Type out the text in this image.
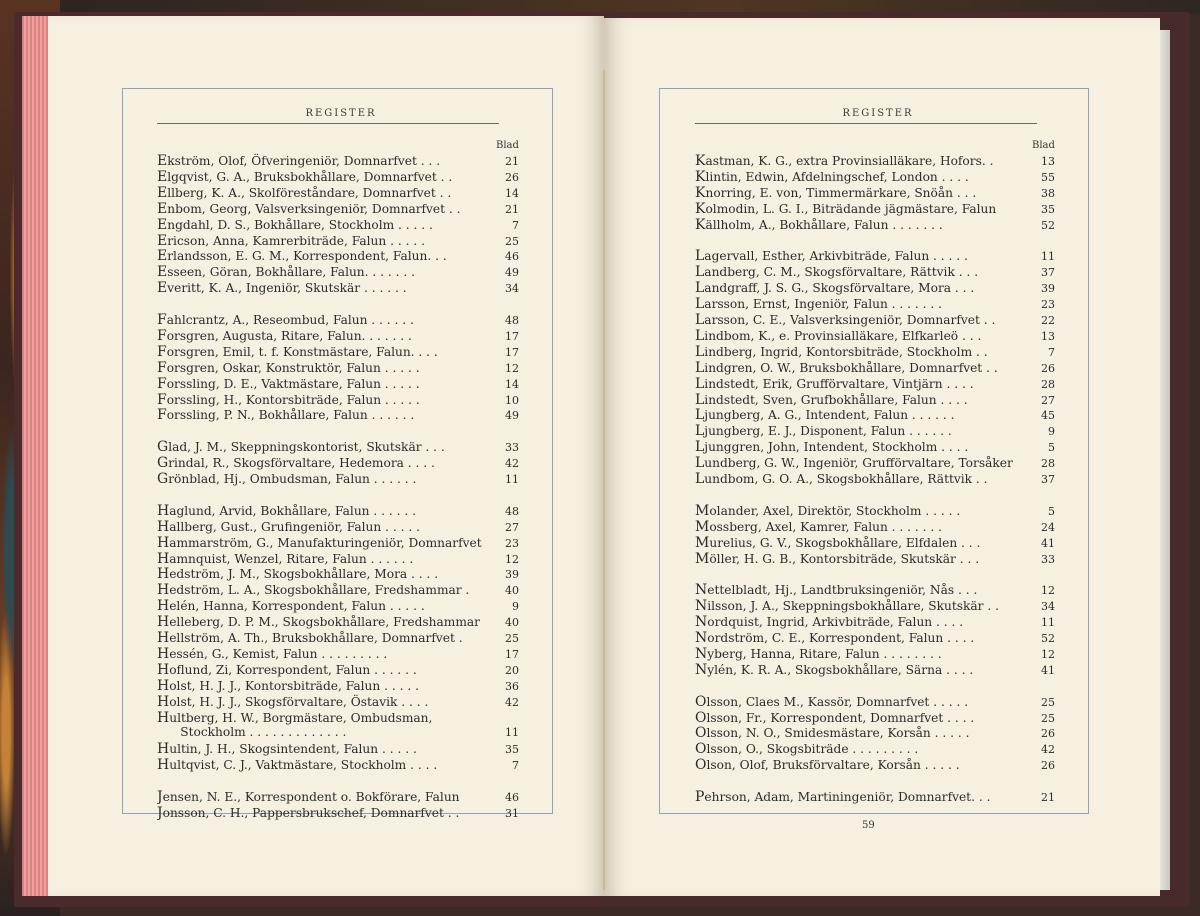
REGISTER
Blad
REGISTER
Blad
Ekström, Olof, Öfveringeniör, Domnarfvet . . .	21
Elgqvist, G. A., Bruksbokhållare, Domnarfvet . .	26
Ellberg, K. A., Skolföreståndare, Domnarfvet . .	14
Enbom, Georg, Valsverksingeniör, Domnarfvet . .	21
Engdahl, D. S., Bokhållare, Stockholm . . . . .	7
Ericson, Anna, Kamrerbiträde, Falun . . . . .	25
Erlandsson, E. G. M., Korrespondent, Falun. . .	46
Esseen, Göran, Bokhållare, Falun. . . . . . .	49
Everitt, K. A., Ingeniör, Skutskär . . . . . .	34
Fahlcrantz, A., Reseombud, Falun . . . . . .	48
Forsgren, Augusta, Ritare, Falun. . . . . . .	17
Forsgren, Emil, t. f. Konstmästare, Falun. . . .	17
Forsgren, Oskar, Konstruktör, Falun . . . . .	12
Forssling, D. E., Vaktmästare, Falun . . . . .	14
Forssling, H., Kontorsbiträde, Falun . . . . .	10
Forssling, P. N., Bokhållare, Falun . . . . . .	49
Glad, J. M., Skeppningskontorist, Skutskär . . .	33
Grindal, R., Skogsförvaltare, Hedemora . . . .	42
Grönblad, Hj., Ombudsman, Falun . . . . . .	11
Haglund, Arvid, Bokhållare, Falun . . . . . .	48
Hallberg, Gust., Grufingeniör, Falun . . . . .	27
Hammarström, G., Manufakturingeniör, Domnarfvet	23
Hamnquist, Wenzel, Ritare, Falun . . . . . .	12
Hedström, J. M., Skogsbokhållare, Mora . . . .	39
Hedström, L. A., Skogsbokhållare, Fredshammar .	40
Helén, Hanna, Korrespondent, Falun . . . . .	9
Helleberg, D. P. M., Skogsbokhållare, Fredshammar	40
Hellström, A. Th., Bruksbokhållare, Domnarfvet .	25
Hessén, G., Kemist, Falun . . . . . . . . .	17
Hoflund, Zi, Korrespondent, Falun . . . . . .	20
Holst, H. J. J., Kontorsbiträde, Falun . . . . .	36
Holst, H. J. J., Skogsförvaltare, Östavik . . . .	42
Hultberg, H. W., Borgmästare, Ombudsman,
Stockholm . . . . . . . . . . . . .	11
Hultin, J. H., Skogsintendent, Falun . . . . .	35
Hultqvist, C. J., Vaktmästare, Stockholm . . . .	7
Jensen, N. E., Korrespondent o. Bokförare, Falun	46
Jonsson, C. H., Pappersbrukschef, Domnarfvet . .	31
Kastman, K. G., extra Provinsialläkare, Hofors. .	13
Klintin, Edwin, Afdelningschef, London . . . .	55
Knorring, E. von, Timmermärkare, Snöån . . .	38
Kolmodin, L. G. I., Biträdande jägmästare, Falun	35
Källholm, A., Bokhållare, Falun . . . . . . .	52
Lagervall, Esther, Arkivbiträde, Falun . . . . .	11
Landberg, C. M., Skogsförvaltare, Rättvik . . .	37
Landgraff, J. S. G., Skogsförvaltare, Mora . . .	39
Larsson, Ernst, Ingeniör, Falun . . . . . . .	23
Larsson, C. E., Valsverksingeniör, Domnarfvet . .	22
Lindbom, K., e. Provinsialläkare, Elfkarleö . . .	13
Lindberg, Ingrid, Kontorsbiträde, Stockholm . .	7
Lindgren, O. W., Bruksbokhållare, Domnarfvet . .	26
Lindstedt, Erik, Grufförvaltare, Vintjärn . . . .	28
Lindstedt, Sven, Grufbokhållare, Falun . . . .	27
Ljungberg, A. G., Intendent, Falun . . . . . .	45
Ljungberg, E. J., Disponent, Falun . . . . . .	9
Ljunggren, John, Intendent, Stockholm . . . .	5
Lundberg, G. W., Ingeniör, Grufförvaltare, Torsåker	28
Lundbom, G. O. A., Skogsbokhållare, Rättvik . .	37
Molander, Axel, Direktör, Stockholm . . . . .	5
Mossberg, Axel, Kamrer, Falun . . . . . . .	24
Murelius, G. V., Skogsbokhållare, Elfdalen . . .	41
Möller, H. G. B., Kontorsbiträde, Skutskär . . .	33
Nettelbladt, Hj., Landtbruksingeniör, Nås . . .	12
Nilsson, J. A., Skeppningsbokhållare, Skutskär . .	34
Nordquist, Ingrid, Arkivbiträde, Falun . . . .	11
Nordström, C. E., Korrespondent, Falun . . . .	52
Nyberg, Hanna, Ritare, Falun . . . . . . . .	12
Nylén, K. R. A., Skogsbokhållare, Särna . . . .	41
Olsson, Claes M., Kassör, Domnarfvet . . . . .	25
Olsson, Fr., Korrespondent, Domnarfvet . . . .	25
Olsson, N. O., Smidesmästare, Korsån . . . . .	26
Olsson, O., Skogsbiträde . . . . . . . . .	42
Olson, Olof, Bruksförvaltare, Korsån . . . . .	26
Pehrson, Adam, Martiningeniör, Domnarfvet. . .	21
59
